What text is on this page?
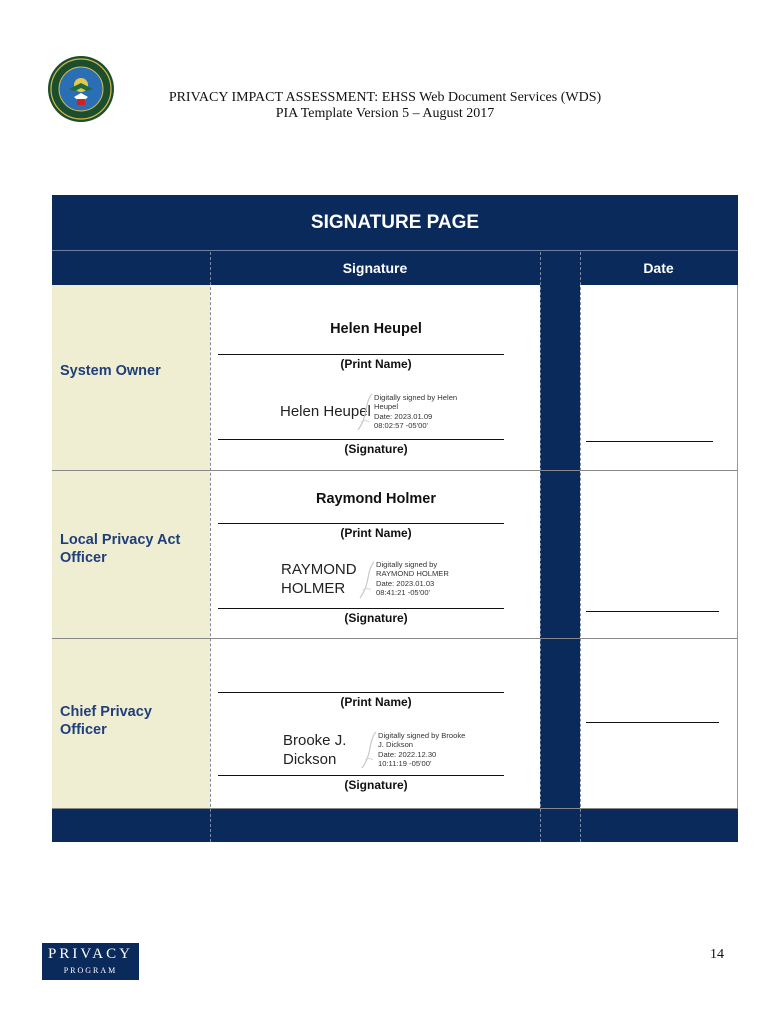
PRIVACY IMPACT ASSESSMENT: EHSS Web Document Services (WDS)
PIA Template Version 5 – August 2017
SIGNATURE PAGE
Signature	Date
System Owner
Helen Heupel
(Print Name)
Helen Heupel
Digitally signed by Helen
Heupel
Date: 2023.01.09
08:02:57 -05'00'
(Signature)
Local Privacy Act
Officer
Raymond Holmer
(Print Name)
RAYMOND
HOLMER
Digitally signed by
RAYMOND HOLMER
Date: 2023.01.03
08:41:21 -05'00'
(Signature)
Chief Privacy
Officer
(Print Name)
Brooke J.
Dickson
Digitally signed by Brooke
J. Dickson
Date: 2022.12.30
10:11:19 -05'00'
(Signature)
PRIVACY
PROGRAM
14
